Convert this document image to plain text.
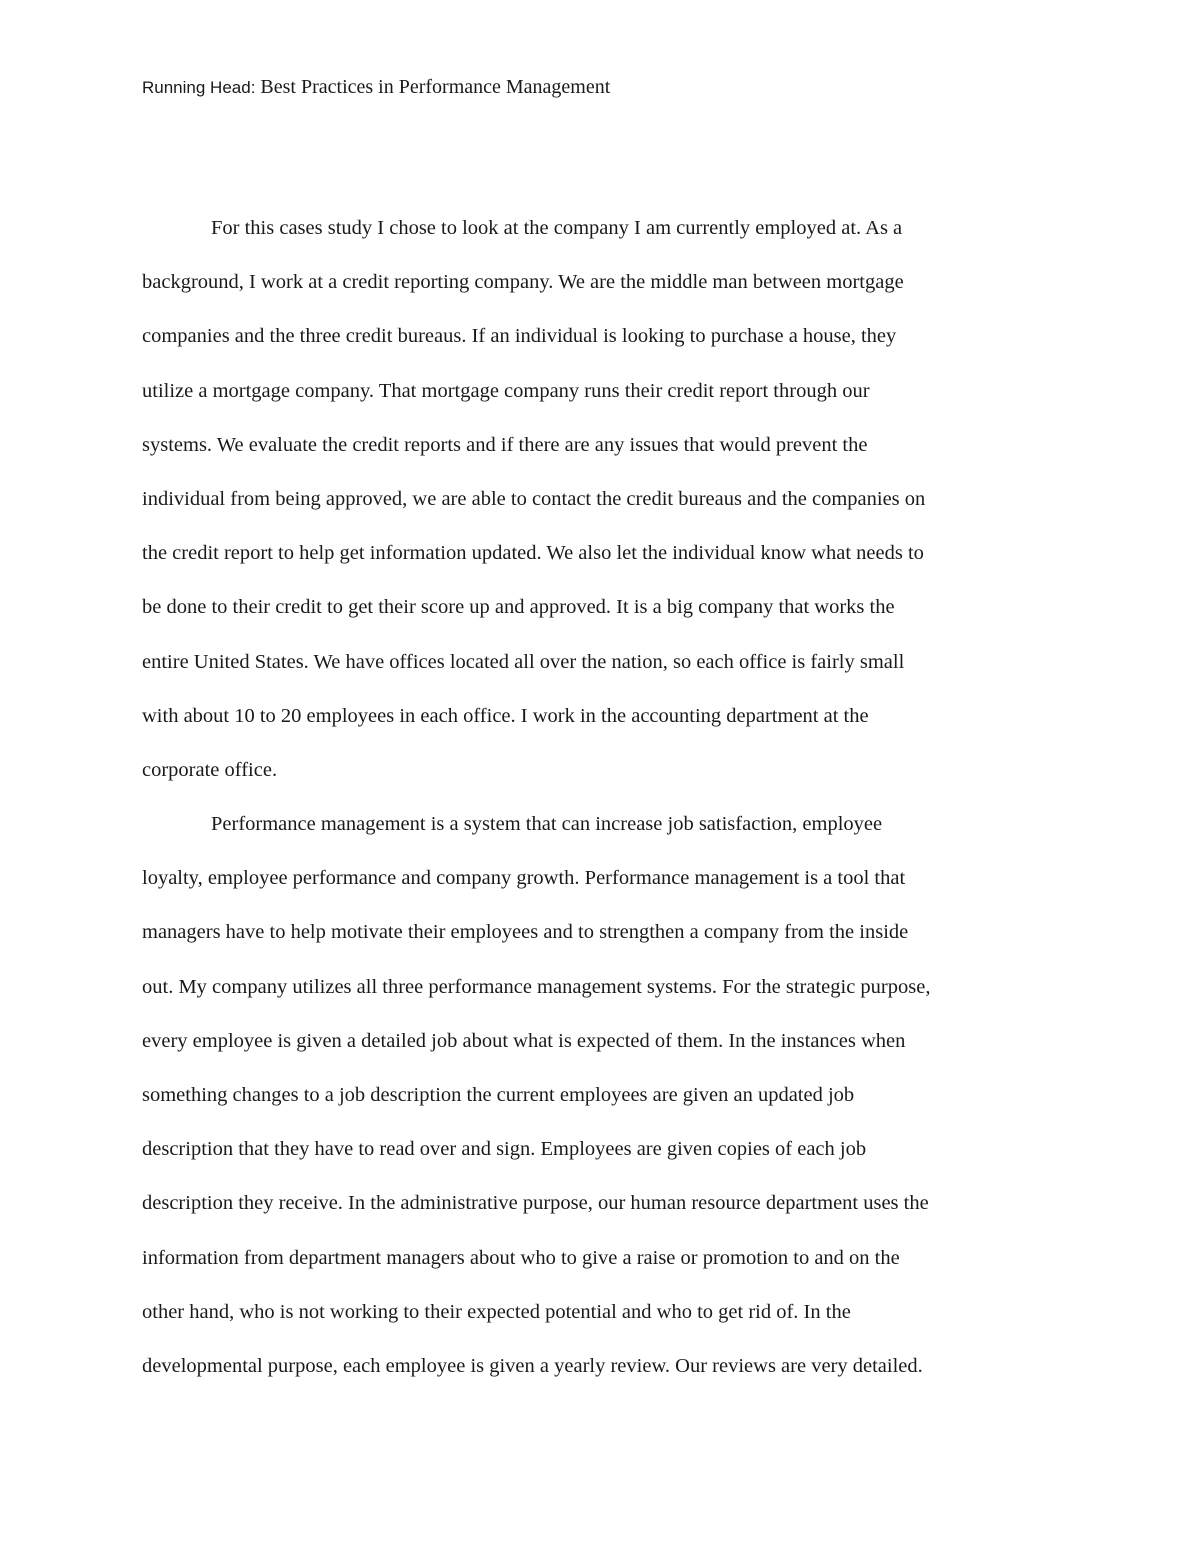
Running Head: Best Practices in Performance Management

For this cases study I chose to look at the company I am currently employed at. As a
background, I work at a credit reporting company. We are the middle man between mortgage
companies and the three credit bureaus. If an individual is looking to purchase a house, they
utilize a mortgage company. That mortgage company runs their credit report through our
systems. We evaluate the credit reports and if there are any issues that would prevent the
individual from being approved, we are able to contact the credit bureaus and the companies on
the credit report to help get information updated. We also let the individual know what needs to
be done to their credit to get their score up and approved. It is a big company that works the
entire United States. We have offices located all over the nation, so each office is fairly small
with about 10 to 20 employees in each office. I work in the accounting department at the
corporate office.

Performance management is a system that can increase job satisfaction, employee
loyalty, employee performance and company growth. Performance management is a tool that
managers have to help motivate their employees and to strengthen a company from the inside
out. My company utilizes all three performance management systems. For the strategic purpose,
every employee is given a detailed job about what is expected of them. In the instances when
something changes to a job description the current employees are given an updated job
description that they have to read over and sign. Employees are given copies of each job
description they receive. In the administrative purpose, our human resource department uses the
information from department managers about who to give a raise or promotion to and on the
other hand, who is not working to their expected potential and who to get rid of. In the
developmental purpose, each employee is given a yearly review. Our reviews are very detailed.
